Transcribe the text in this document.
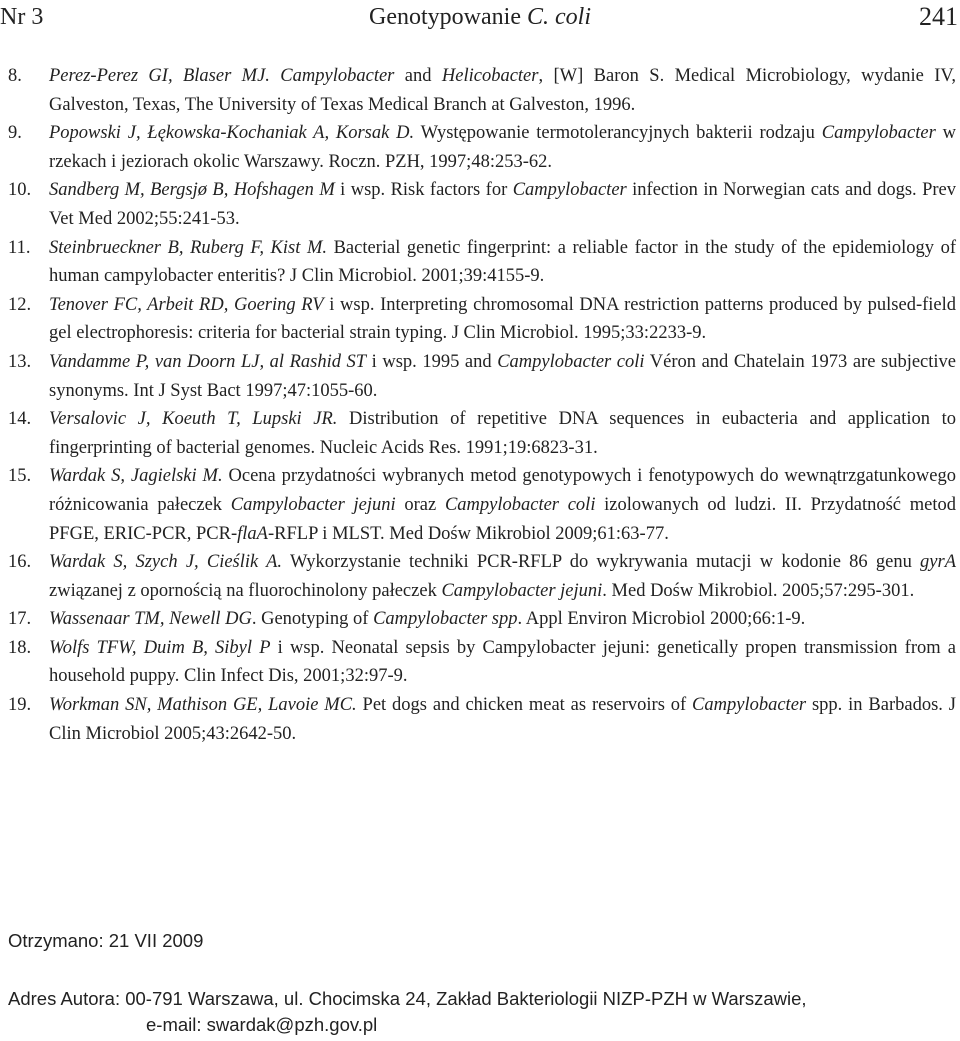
Nr 3	Genotypowanie C. coli	241
8.	Perez-Perez GI, Blaser MJ. Campylobacter and Helicobacter, [W] Baron S. Medical Microbiology, wydanie IV, Galveston, Texas, The University of Texas Medical Branch at Galveston, 1996.
9.	Popowski J, Łękowska-Kochaniak A, Korsak D. Występowanie termotolerancyjnych bakterii rodzaju Campylobacter w rzekach i jeziorach okolic Warszawy. Roczn. PZH, 1997;48:253-62.
10. Sandberg M, Bergsjø B, Hofshagen M i wsp. Risk factors for Campylobacter infection in Norwegian cats and dogs. Prev Vet Med 2002;55:241-53.
11.	Steinbrueckner B, Ruberg F, Kist M. Bacterial genetic fingerprint: a reliable factor in the study of the epidemiology of human campylobacter enteritis? J Clin Microbiol. 2001;39:4155-9.
12. Tenover FC, Arbeit RD, Goering RV i wsp. Interpreting chromosomal DNA restriction patterns produced by pulsed-field gel electrophoresis: criteria for bacterial strain typing. J Clin Microbiol. 1995;33:2233-9.
13. Vandamme P, van Doorn LJ, al Rashid ST i wsp. 1995 and Campylobacter coli Véron and Chatelain 1973 are subjective synonyms. Int J Syst Bact 1997;47:1055-60.
14. Versalovic J, Koeuth T, Lupski JR. Distribution of repetitive DNA sequences in eubacteria and application to fingerprinting of bacterial genomes. Nucleic Acids Res. 1991;19:6823-31.
15. Wardak S, Jagielski M. Ocena przydatności wybranych metod genotypowych i fenotypowych do wewnątrzgatunkowego różnicowania pałeczek Campylobacter jejuni oraz Campylobacter coli izolowanych od ludzi. II. Przydatność metod PFGE, ERIC-PCR, PCR-flaA-RFLP i MLST. Med Dośw Mikrobiol 2009;61:63-77.
16. Wardak S, Szych J, Cieślik A. Wykorzystanie techniki PCR-RFLP do wykrywania mutacji w kodonie 86 genu gyrA związanej z opornością na fluorochinolony pałeczek Campylobacter jejuni. Med Dośw Mikrobiol. 2005;57:295-301.
17. Wassenaar TM, Newell DG. Genotyping of Campylobacter spp. Appl Environ Microbiol 2000;66:1-9.
18. Wolfs TFW, Duim B, Sibyl P i wsp. Neonatal sepsis by Campylobacter jejuni: genetically propen transmission from a household puppy. Clin Infect Dis, 2001;32:97-9.
19. Workman SN, Mathison GE, Lavoie MC. Pet dogs and chicken meat as reservoirs of Campylobacter spp. in Barbados. J Clin Microbiol 2005;43:2642-50.
Otrzymano: 21 VII 2009
Adres Autora: 00-791 Warszawa, ul. Chocimska 24, Zakład Bakteriologii NIZP-PZH w Warszawie,
e-mail: swardak@pzh.gov.pl
